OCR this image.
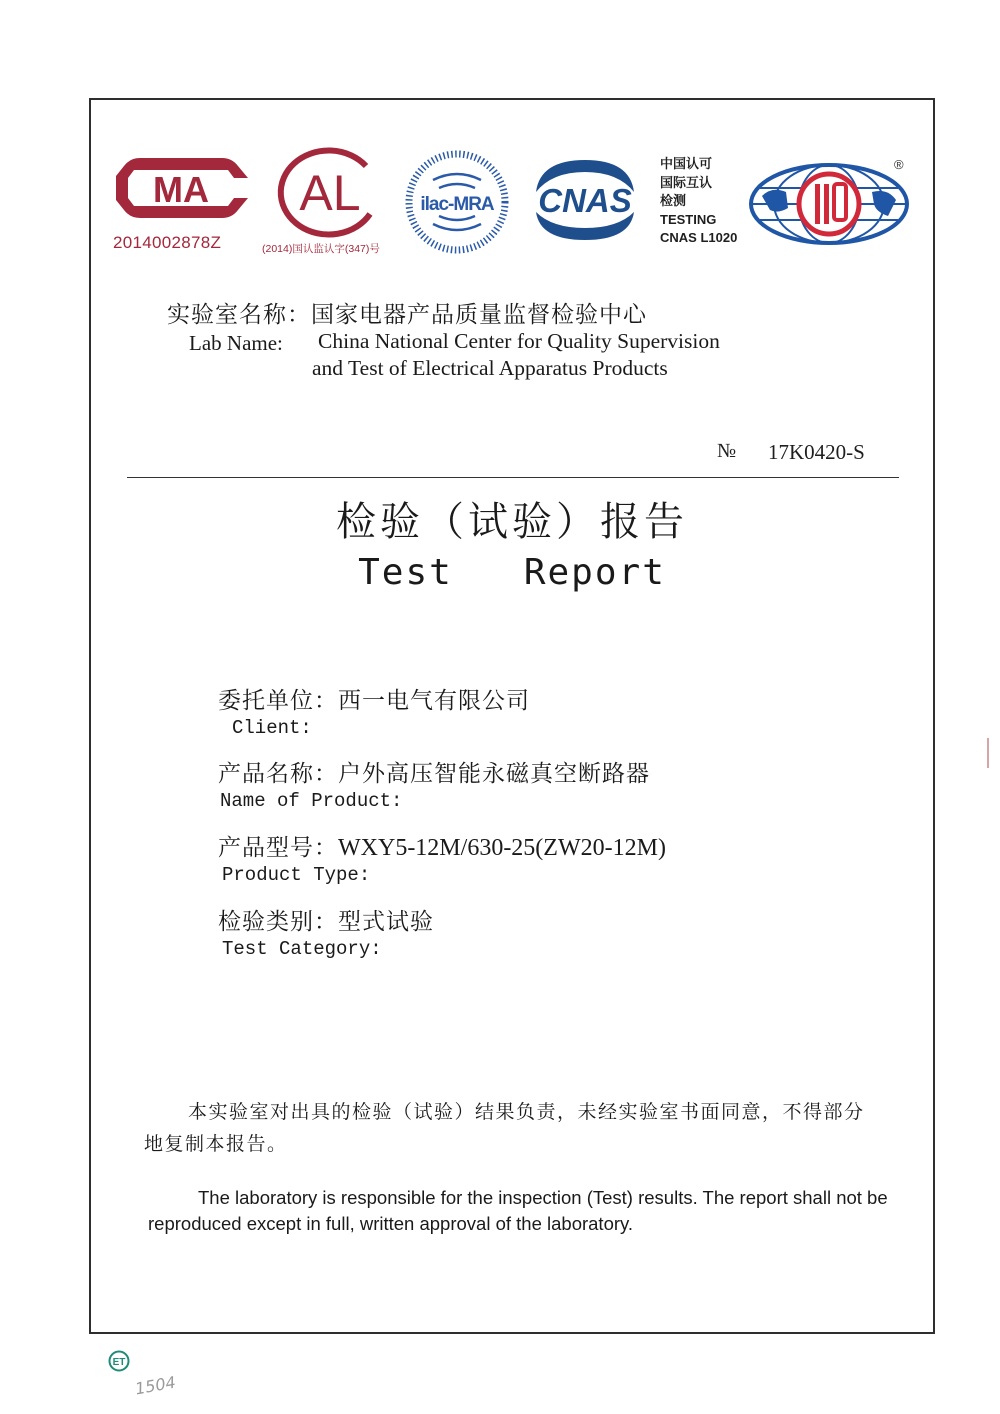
MA
2014002878Z
AL
(2014)国认监认字(347)号
ilac-MRA CNAS
中国认可
国际互认
检测
TESTING
CNAS L1020
®
实验室名称：国家电器产品质量监督检验中心
Lab Name: China National Center for Quality Supervision
and Test of Electrical Apparatus Products
№ 17K0420-S
检验（试验）报告
Test   Report
委托单位：西一电气有限公司
Client:
产品名称：户外高压智能永磁真空断路器
Name of Product:
产品型号：WXY5-12M/630-25(ZW20-12M)
Product Type:
检验类别：型式试验
Test Category:
本实验室对出具的检验（试验）结果负责，未经实验室书面同意，不得部分地复制本报告。
The laboratory is responsible for the inspection (Test) results. The report shall not be reproduced except in full, written approval of the laboratory.
ET
1504
